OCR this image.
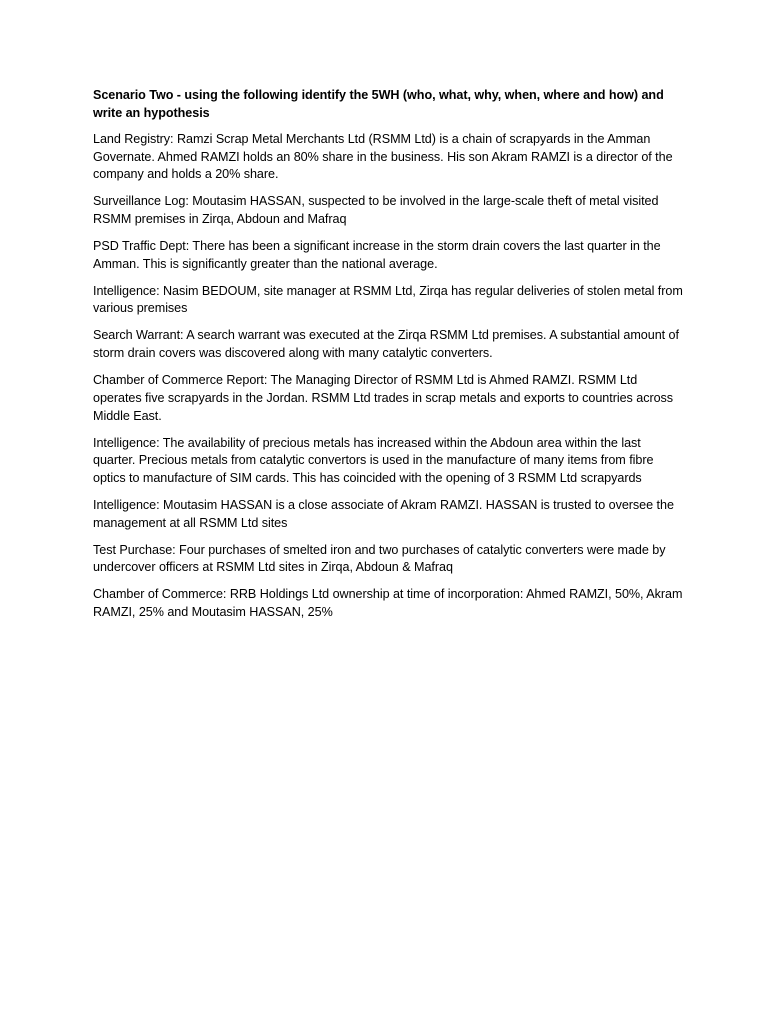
Scenario Two - using the following identify the 5WH (who, what, why, when, where and how) and write an hypothesis

Land Registry: Ramzi Scrap Metal Merchants Ltd (RSMM Ltd) is a chain of scrapyards in the Amman Governate. Ahmed RAMZI holds an 80% share in the business. His son Akram RAMZI is a director of the company and holds a 20% share.

Surveillance Log: Moutasim HASSAN, suspected to be involved in the large-scale theft of metal visited RSMM premises in Zirqa, Abdoun and Mafraq

PSD Traffic Dept: There has been a significant increase in the storm drain covers the last quarter in the Amman. This is significantly greater than the national average.

Intelligence: Nasim BEDOUM, site manager at RSMM Ltd, Zirqa has regular deliveries of stolen metal from various premises

Search Warrant: A search warrant was executed at the Zirqa RSMM Ltd premises. A substantial amount of storm drain covers was discovered along with many catalytic converters.

Chamber of Commerce Report: The Managing Director of RSMM Ltd is Ahmed RAMZI. RSMM Ltd operates five scrapyards in the Jordan. RSMM Ltd trades in scrap metals and exports to countries across Middle East.

Intelligence: The availability of precious metals has increased within the Abdoun area within the last quarter. Precious metals from catalytic convertors is used in the manufacture of many items from fibre optics to manufacture of SIM cards. This has coincided with the opening of 3 RSMM Ltd scrapyards

Intelligence: Moutasim HASSAN is a close associate of Akram RAMZI. HASSAN is trusted to oversee the management at all RSMM Ltd sites

Test Purchase: Four purchases of smelted iron and two purchases of catalytic converters were made by undercover officers at RSMM Ltd sites in Zirqa, Abdoun & Mafraq

Chamber of Commerce: RRB Holdings Ltd ownership at time of incorporation: Ahmed RAMZI, 50%, Akram RAMZI, 25% and Moutasim HASSAN, 25%
